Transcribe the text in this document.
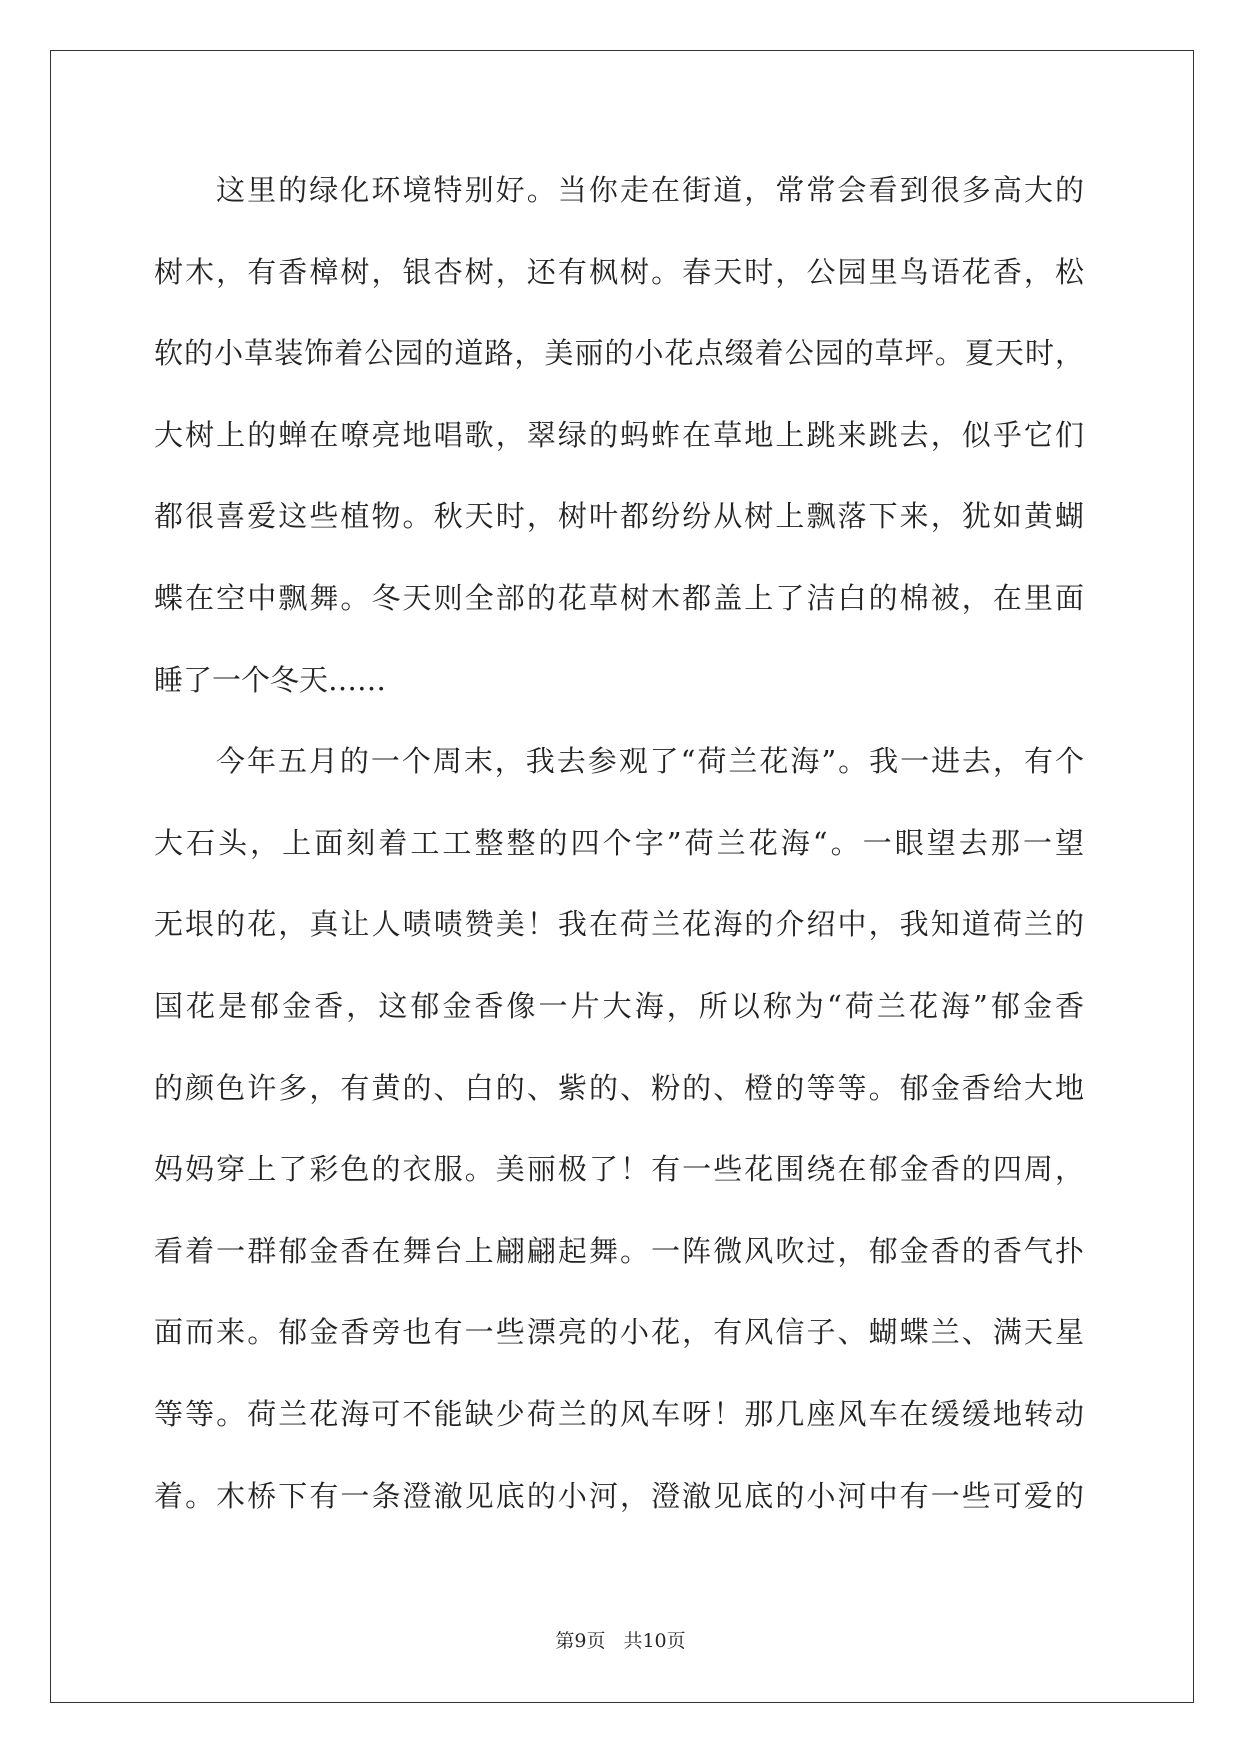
这里的绿化环境特别好。当你走在街道，常常会看到很多高大的
树木，有香樟树，银杏树，还有枫树。春天时，公园里鸟语花香，松
软的小草装饰着公园的道路，美丽的小花点缀着公园的草坪。夏天时，
大树上的蝉在嘹亮地唱歌，翠绿的蚂蚱在草地上跳来跳去，似乎它们
都很喜爱这些植物。秋天时，树叶都纷纷从树上飘落下来，犹如黄蝴
蝶在空中飘舞。冬天则全部的花草树木都盖上了洁白的棉被，在里面
睡了一个冬天……
今年五月的一个周末，我去参观了“荷兰花海”。我一进去，有个
大石头，上面刻着工工整整的四个字”荷兰花海“。一眼望去那一望
无垠的花，真让人啧啧赞美！我在荷兰花海的介绍中，我知道荷兰的
国花是郁金香，这郁金香像一片大海，所以称为“荷兰花海”郁金香
的颜色许多，有黄的、白的、紫的、粉的、橙的等等。郁金香给大地
妈妈穿上了彩色的衣服。美丽极了！有一些花围绕在郁金香的四周，
看着一群郁金香在舞台上翩翩起舞。一阵微风吹过，郁金香的香气扑
面而来。郁金香旁也有一些漂亮的小花，有风信子、蝴蝶兰、满天星
等等。荷兰花海可不能缺少荷兰的风车呀！那几座风车在缓缓地转动
着。木桥下有一条澄澈见底的小河，澄澈见底的小河中有一些可爱的
第9页 共10页
